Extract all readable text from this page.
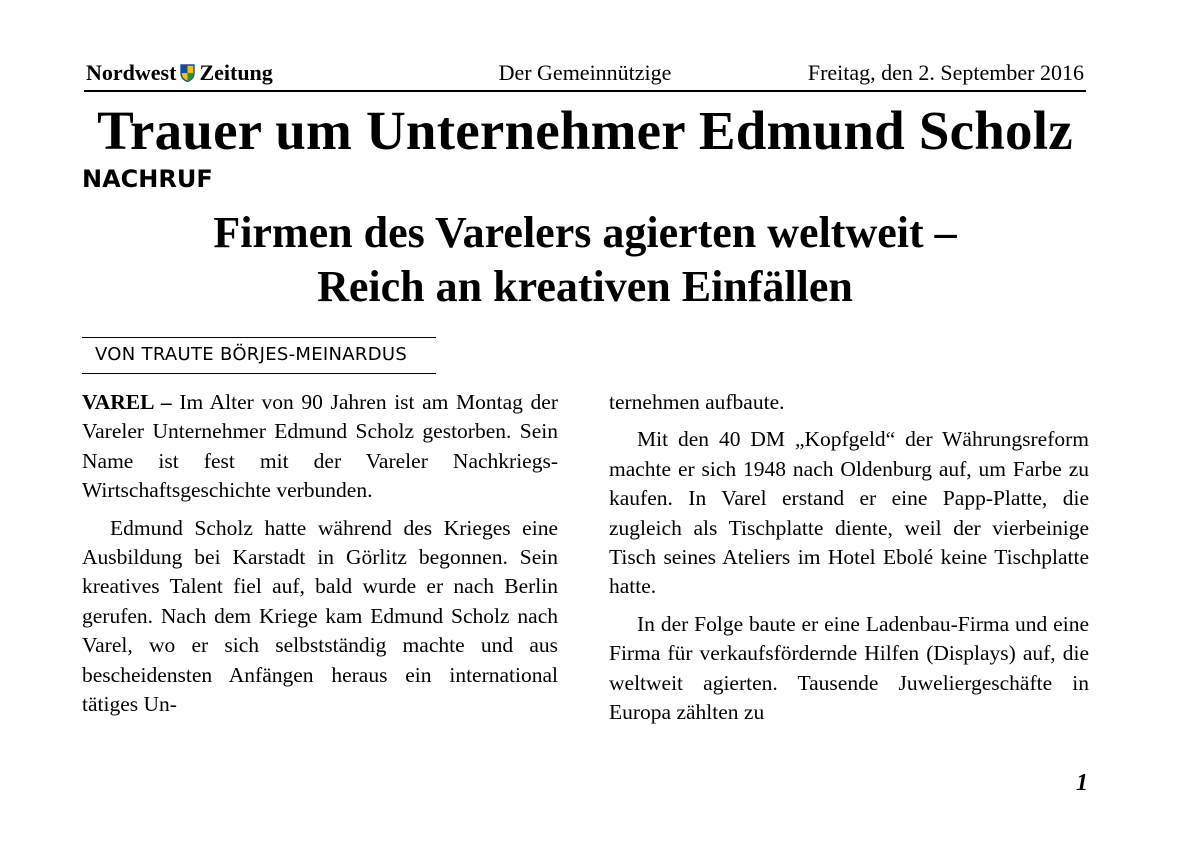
Nordwest Zeitung	Der Gemeinnützige	Freitag, den 2. September 2016
Trauer um Unternehmer Edmund Scholz
NACHRUF
Firmen des Varelers agierten weltweit –
Reich an kreativen Einfällen
VON TRAUTE BÖRJES-MEINARDUS

VAREL – Im Alter von 90 Jahren ist am Montag der Vareler Unternehmer Edmund Scholz gestorben. Sein Name ist fest mit der Vareler Nachkriegs-Wirtschaftsgeschichte verbunden.

Edmund Scholz hatte während des Krieges eine Ausbildung bei Karstadt in Görlitz begonnen. Sein kreatives Talent fiel auf, bald wurde er nach Berlin gerufen. Nach dem Kriege kam Edmund Scholz nach Varel, wo er sich selbstständig machte und aus bescheidensten Anfängen heraus ein international tätiges Un-

ternehmen aufbaute.

Mit den 40 DM „Kopfgeld“ der Währungsreform machte er sich 1948 nach Oldenburg auf, um Farbe zu kaufen. In Varel erstand er eine Papp-Platte, die zugleich als Tischplatte diente, weil der vierbeinige Tisch seines Ateliers im Hotel Ebolé keine Tischplatte hatte.

In der Folge baute er eine Ladenbau-Firma und eine Firma für verkaufsfördernde Hilfen (Displays) auf, die weltweit agierten. Tausende Juweliergeschäfte in Europa zählten zu

1
